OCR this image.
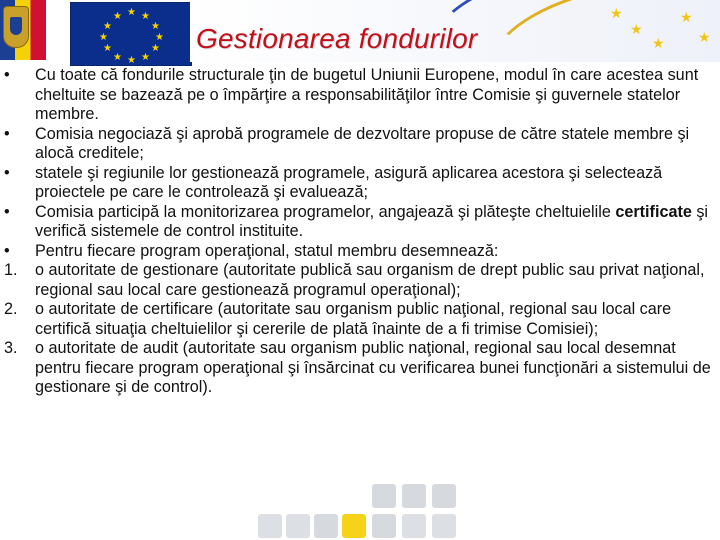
★ ★
★
★
★
★
★
★
★
★
★
★	★
★
★
★
★
Gestionarea fondurilor
•	Cu toate că fondurile structurale ţin de bugetul Uniunii Europene, modul în care acestea sunt cheltuite se bazează pe o împărţire a responsabilităţilor între Comisie şi guvernele statelor membre.
•	Comisia negociază şi aprobă programele de dezvoltare propuse de către statele membre şi alocă creditele;
•	statele şi regiunile lor gestionează programele, asigură aplicarea acestora şi selectează proiectele pe care le controlează şi evaluează;
•	Comisia participă la monitorizarea programelor, angajează şi plăteşte cheltuielile certificate şi verifică sistemele de control instituite.
•	Pentru fiecare program operaţional, statul membru desemnează:
1.	o autoritate de gestionare (autoritate publică sau organism de drept public sau privat naţional, regional sau local care gestionează programul operaţional);
2.	o autoritate de certificare (autoritate sau organism public naţional, regional sau local care certifică situaţia cheltuielilor şi cererile de plată înainte de a fi trimise Comisiei);
3.	o autoritate de audit (autoritate sau organism public naţional, regional sau local desemnat pentru fiecare program operaţional şi însărcinat cu verificarea bunei funcţionări a sistemului de gestionare şi de control).
